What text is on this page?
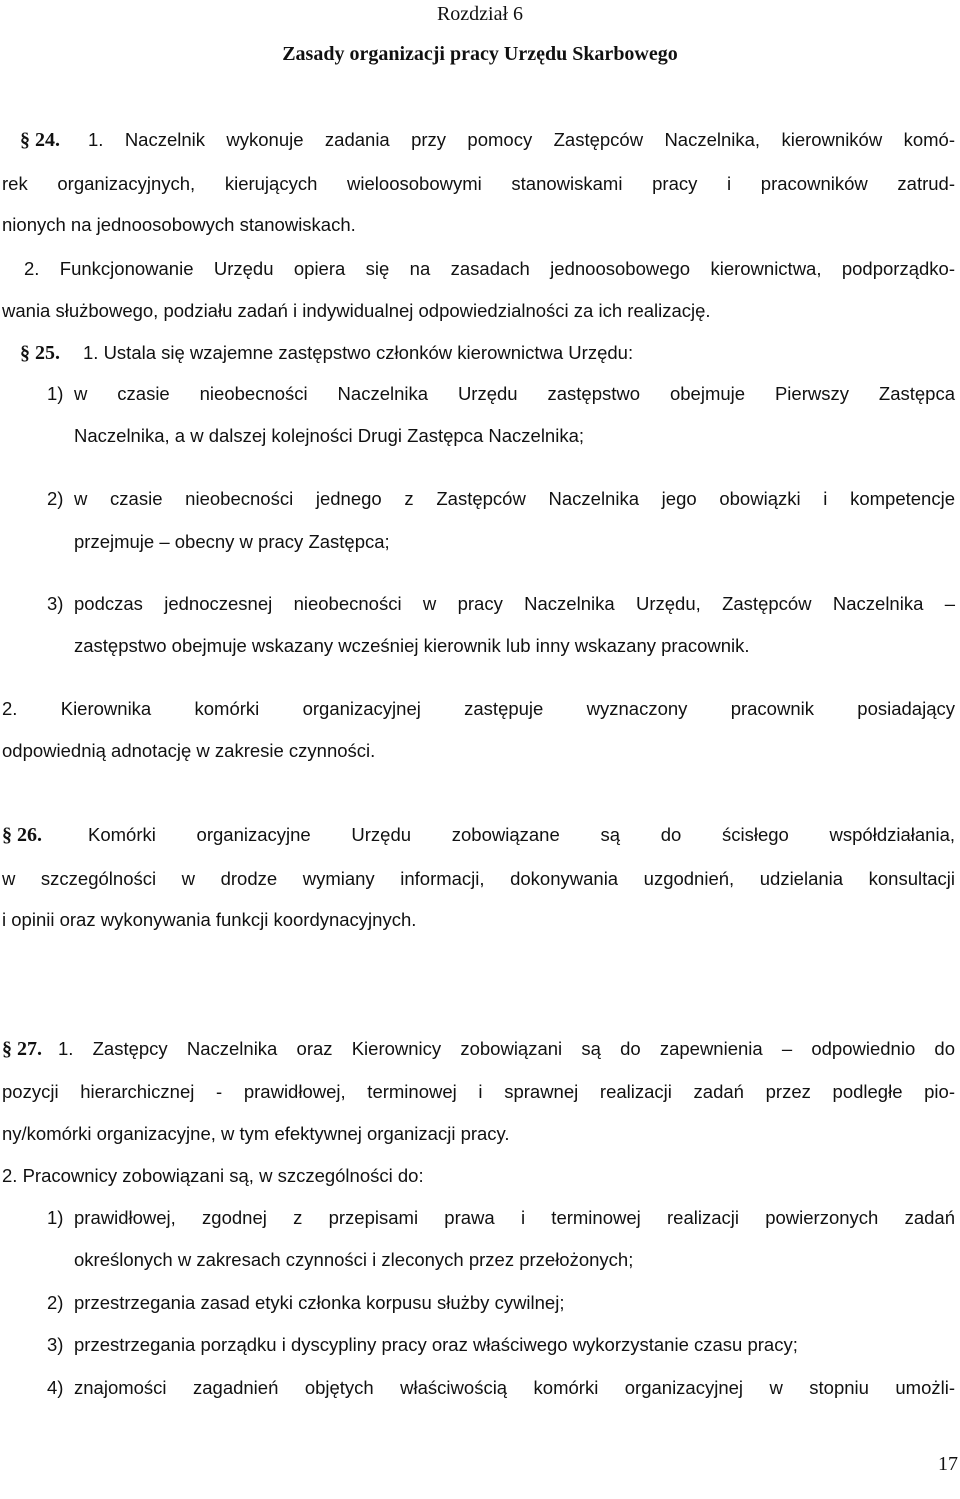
Rozdział 6
Zasady organizacji pracy Urzędu Skarbowego
§ 24. 1. Naczelnik wykonuje zadania przy pomocy Zastępców Naczelnika, kierowników komó-
rek organizacyjnych, kierujących wieloosobowymi stanowiskami pracy i pracowników zatrud-
nionych na jednoosobowych stanowiskach.
2. Funkcjonowanie Urzędu opiera się na zasadach jednoosobowego kierownictwa, podporządko-
wania służbowego, podziału zadań i indywidualnej odpowiedzialności za ich realizację.
§ 25. 1. Ustala się wzajemne zastępstwo członków kierownictwa Urzędu:
1) w czasie nieobecności Naczelnika Urzędu zastępstwo obejmuje Pierwszy Zastępca
Naczelnika, a w dalszej kolejności Drugi Zastępca Naczelnika;
2) w czasie nieobecności jednego z Zastępców Naczelnika jego obowiązki i kompetencje
przejmuje – obecny w pracy Zastępca;
3) podczas jednoczesnej nieobecności w pracy Naczelnika Urzędu, Zastępców Naczelnika –
zastępstwo obejmuje wskazany wcześniej kierownik lub inny wskazany pracownik.
2. Kierownika komórki organizacyjnej zastępuje wyznaczony pracownik posiadający
odpowiednią adnotację w zakresie czynności.
§ 26. Komórki organizacyjne Urzędu zobowiązane są do ścisłego współdziałania,
w szczególności w drodze wymiany informacji, dokonywania uzgodnień, udzielania konsultacji
i opinii oraz wykonywania funkcji koordynacyjnych.
§ 27. 1. Zastępcy Naczelnika oraz Kierownicy zobowiązani są do zapewnienia – odpowiednio do
pozycji hierarchicznej - prawidłowej, terminowej i sprawnej realizacji zadań przez podległe pio-
ny/komórki organizacyjne, w tym efektywnej organizacji pracy.
2. Pracownicy zobowiązani są, w szczególności do:
1) prawidłowej, zgodnej z przepisami prawa i terminowej realizacji powierzonych zadań
określonych w zakresach czynności i zleconych przez przełożonych;
2) przestrzegania zasad etyki członka korpusu służby cywilnej;
3) przestrzegania porządku i dyscypliny pracy oraz właściwego wykorzystanie czasu pracy;
4) znajomości zagadnień objętych właściwością komórki organizacyjnej w stopniu umożli-
17
